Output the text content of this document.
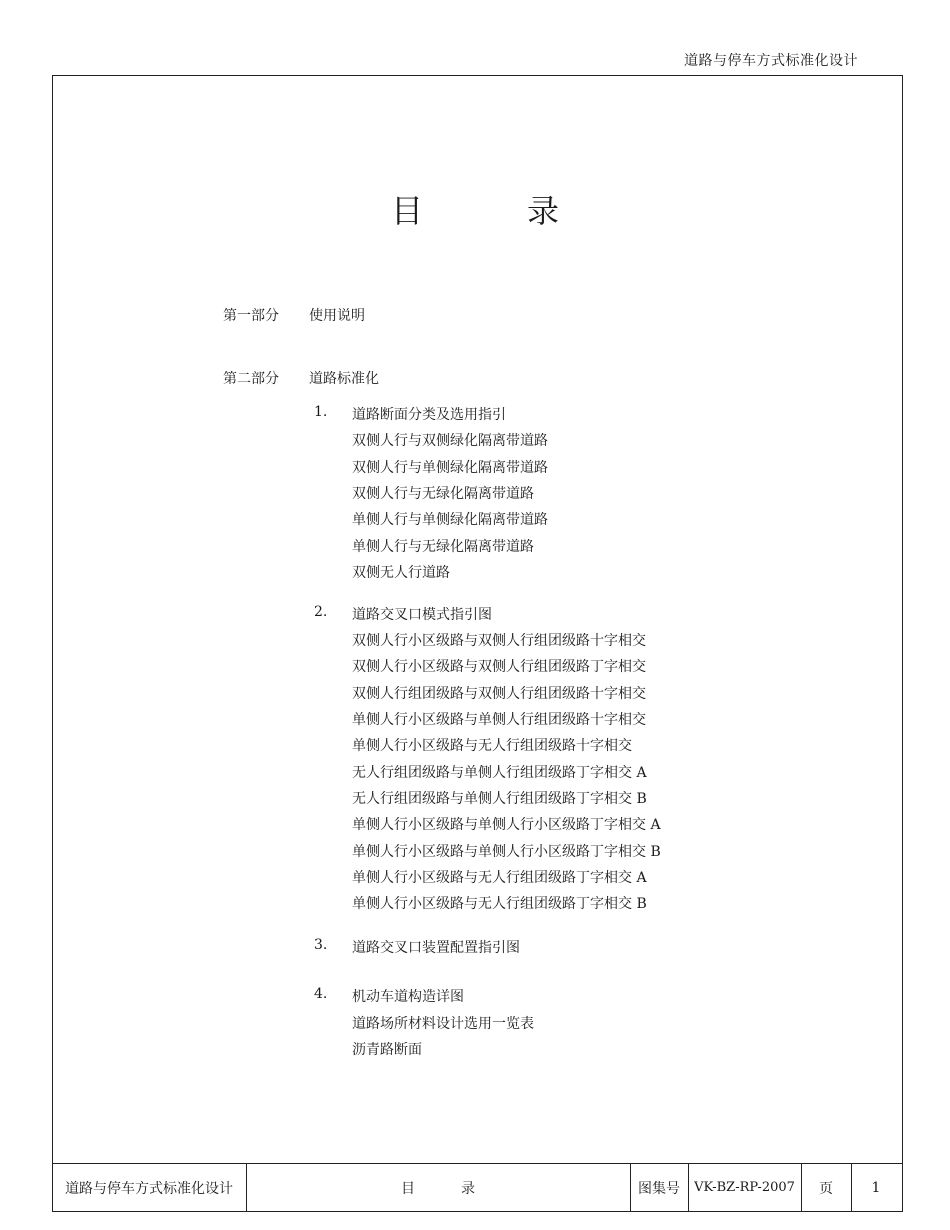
道路与停车方式标准化设计
目	录
第一部分 使用说明
第二部分 道路标准化
1. 道路断面分类及选用指引
双侧人行与双侧绿化隔离带道路
双侧人行与单侧绿化隔离带道路
双侧人行与无绿化隔离带道路
单侧人行与单侧绿化隔离带道路
单侧人行与无绿化隔离带道路
双侧无人行道路
2. 道路交叉口模式指引图
双侧人行小区级路与双侧人行组团级路十字相交
双侧人行小区级路与双侧人行组团级路丁字相交
双侧人行组团级路与双侧人行组团级路十字相交
单侧人行小区级路与单侧人行组团级路十字相交
单侧人行小区级路与无人行组团级路十字相交
无人行组团级路与单侧人行组团级路丁字相交 A
无人行组团级路与单侧人行组团级路丁字相交 B
单侧人行小区级路与单侧人行小区级路丁字相交 A
单侧人行小区级路与单侧人行小区级路丁字相交 B
单侧人行小区级路与无人行组团级路丁字相交 A
单侧人行小区级路与无人行组团级路丁字相交 B
3. 道路交叉口装置配置指引图
4. 机动车道构造详图
道路场所材料设计选用一览表
沥青路断面
道路与停车方式标准化设计	目	录	图集号	VK-BZ-RP-2007	页	1
